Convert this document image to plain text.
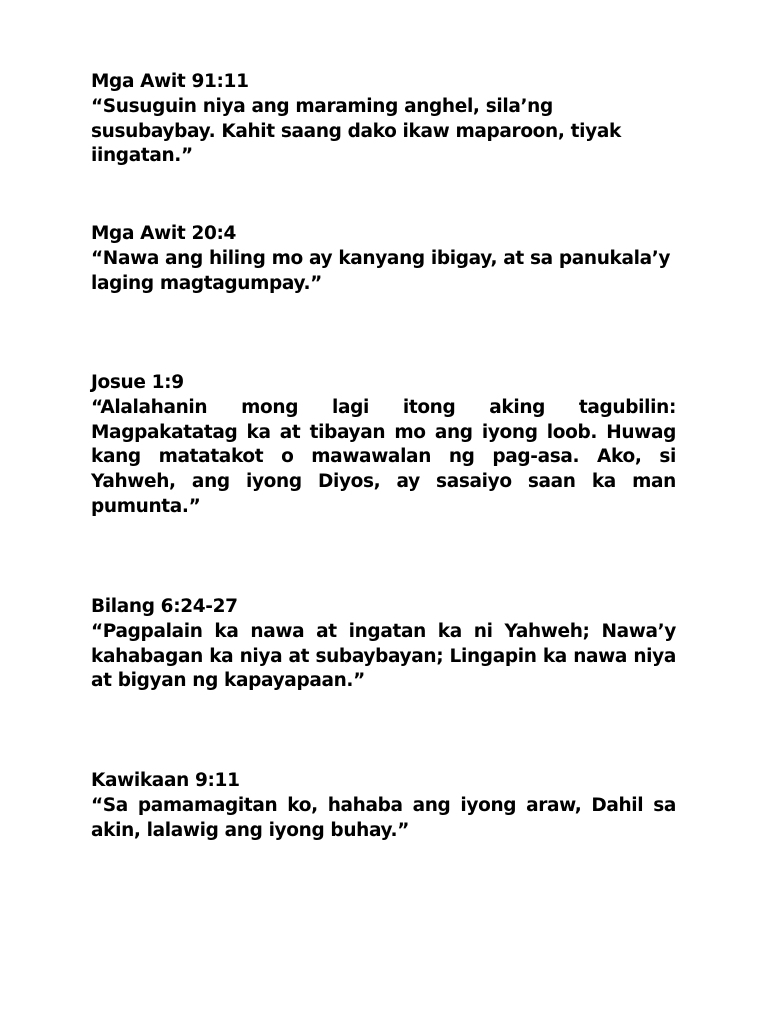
Mga Awit 91:11
“Susuguin niya ang maraming anghel, sila’ng susubaybay. Kahit saang dako ikaw maparoon, tiyak iingatan.”
Mga Awit 20:4
“Nawa ang hiling mo ay kanyang ibigay, at sa panukala’y laging magtagumpay.”
Josue 1:9
“Alalahanin mong lagi itong aking tagubilin: Magpakatatag ka at tibayan mo ang iyong loob. Huwag kang matatakot o mawawalan ng pag-asa. Ako, si Yahweh, ang iyong Diyos, ay sasaiyo saan ka man pumunta.”
Bilang 6:24-27
“Pagpalain ka nawa at ingatan ka ni Yahweh; Nawa’y kahabagan ka niya at subaybayan; Lingapin ka nawa niya at bigyan ng kapayapaan.”
Kawikaan 9:11
“Sa pamamagitan ko, hahaba ang iyong araw, Dahil sa akin, lalawig ang iyong buhay.”
